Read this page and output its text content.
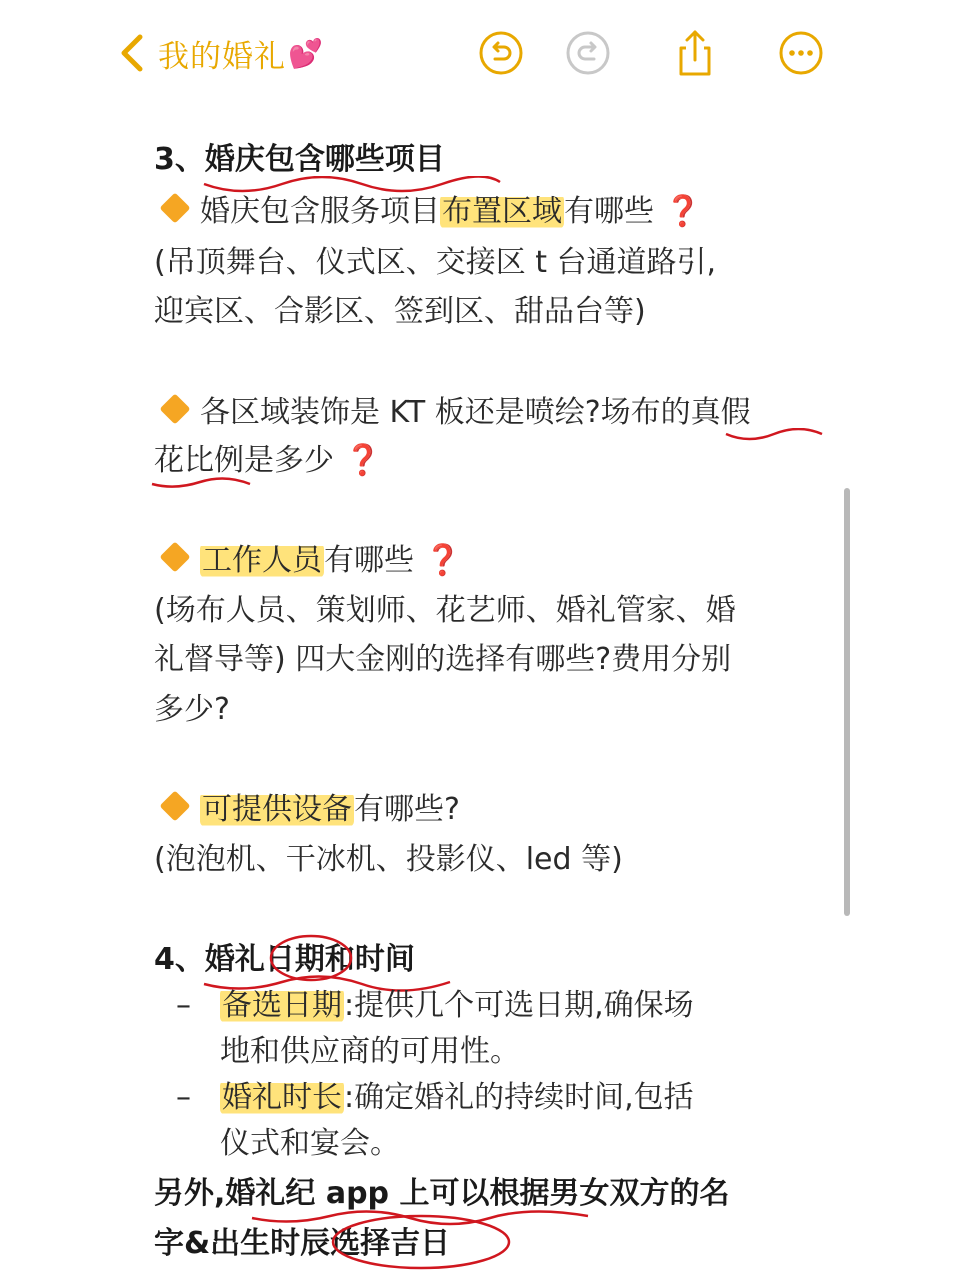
我的婚礼 💕
3、婚庆包含哪些项目
婚庆包含服务项目布置区域有哪些 ❓
(吊顶舞台、仪式区、交接区 t 台通道路引,
迎宾区、合影区、签到区、甜品台等)
各区域装饰是 KT 板还是喷绘?场布的真假
花比例是多少 ❓
工作人员有哪些 ❓
(场布人员、策划师、花艺师、婚礼管家、婚
礼督导等) 四大金刚的选择有哪些?费用分别
多少?
可提供设备有哪些?
(泡泡机、干冰机、投影仪、led 等)
4、婚礼日期和时间
– 备选日期:提供几个可选日期,确保场
地和供应商的可用性。
– 婚礼时长:确定婚礼的持续时间,包括
仪式和宴会。
另外,婚礼纪 app 上可以根据男女双方的名
字&出生时辰选择吉日
